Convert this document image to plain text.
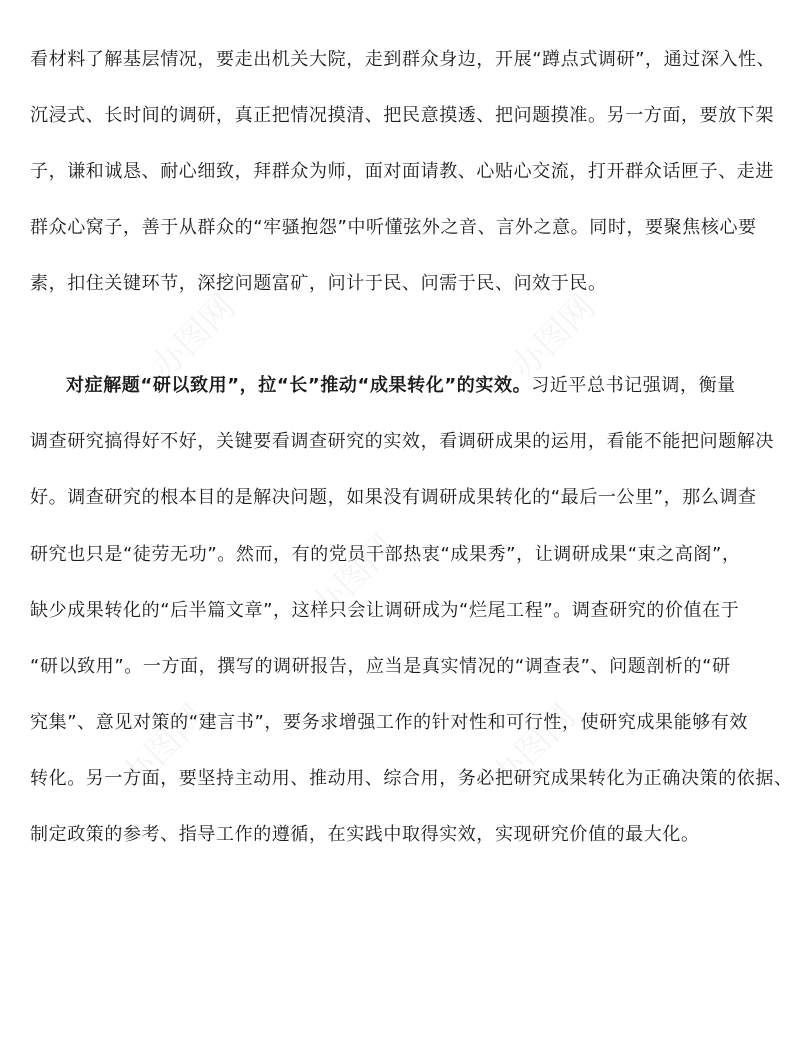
看材料了解基层情况，要走出机关大院，走到群众身边，开展“蹲点式调研”，通过深入性、
沉浸式、长时间的调研，真正把情况摸清、把民意摸透、把问题摸准。另一方面，要放下架
子，谦和诚恳、耐心细致，拜群众为师，面对面请教、心贴心交流，打开群众话匣子、走进
群众心窝子，善于从群众的“牢骚抱怨”中听懂弦外之音、言外之意。同时，要聚焦核心要
素，扣住关键环节，深挖问题富矿，问计于民、问需于民、问效于民。
对症解题“研以致用”，拉“长”推动“成果转化”的实效。习近平总书记强调，衡量
调查研究搞得好不好，关键要看调查研究的实效，看调研成果的运用，看能不能把问题解决
好。调查研究的根本目的是解决问题，如果没有调研成果转化的“最后一公里”，那么调查
研究也只是“徒劳无功”。然而，有的党员干部热衷“成果秀”，让调研成果“束之高阁”，
缺少成果转化的“后半篇文章”，这样只会让调研成为“烂尾工程”。调查研究的价值在于
“研以致用”。一方面，撰写的调研报告，应当是真实情况的“调查表”、问题剖析的“研
究集”、意见对策的“建言书”，要务求增强工作的针对性和可行性，使研究成果能够有效
转化。另一方面，要坚持主动用、推动用、综合用，务必把研究成果转化为正确决策的依据、
制定政策的参考、指导工作的遵循，在实践中取得实效，实现研究价值的最大化。
